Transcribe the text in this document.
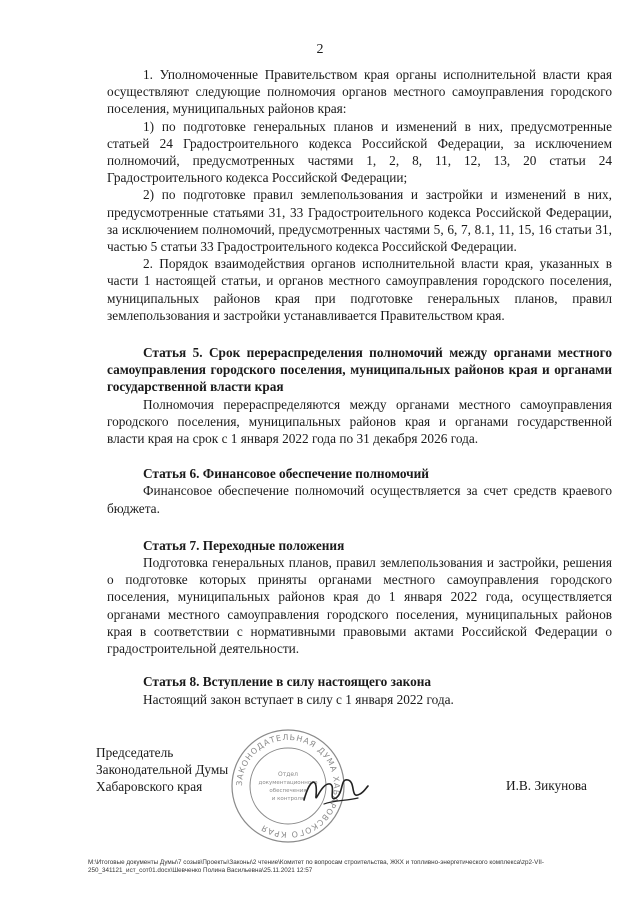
2

1. Уполномоченные Правительством края органы исполнительной власти края осуществляют следующие полномочия органов местного самоуправления городского поселения, муниципальных районов края:

1) по подготовке генеральных планов и изменений в них, предусмотренные статьей 24 Градостроительного кодекса Российской Федерации, за исключением полномочий, предусмотренных частями 1, 2, 8, 11, 12, 13, 20 статьи 24 Градостроительного кодекса Российской Федерации;

2) по подготовке правил землепользования и застройки и изменений в них, предусмотренные статьями 31, 33 Градостроительного кодекса Российской Федерации, за исключением полномочий, предусмотренных частями 5, 6, 7, 8.1, 11, 15, 16 статьи 31, частью 5 статьи 33 Градостроительного кодекса Российской Федерации.

2. Порядок взаимодействия органов исполнительной власти края, указанных в части 1 настоящей статьи, и органов местного самоуправления городского поселения, муниципальных районов края при подготовке генеральных планов, правил землепользования и застройки устанавливается Правительством края.

Статья 5. Срок перераспределения полномочий между органами местного самоуправления городского поселения, муниципальных районов края и органами государственной власти края

Полномочия перераспределяются между органами местного самоуправления городского поселения, муниципальных районов края и органами государственной власти края на срок с 1 января 2022 года по 31 декабря 2026 года.

Статья 6. Финансовое обеспечение полномочий

Финансовое обеспечение полномочий осуществляется за счет средств краевого бюджета.

Статья 7. Переходные положения

Подготовка генеральных планов, правил землепользования и застройки, решения о подготовке которых приняты органами местного самоуправления городского поселения, муниципальных районов края до 1 января 2022 года, осуществляется органами местного самоуправления городского поселения, муниципальных районов края в соответствии с нормативными правовыми актами Российской Федерации о градостроительной деятельности.

Статья 8. Вступление в силу настоящего закона

Настоящий закон вступает в силу с 1 января 2022 года.

ЗАКОНОДАТЕЛЬНАЯ ДУМА ХАБАРОВСКОГО КРАЯ
Отдел
документационного
обеспечения
и контроля
Председатель
Законодательной Думы
Хабаровского края	И.В. Зикунова
M:\Итоговые документы Думы\7 созыв\Проекты\Законы\2 чтение\Комитет по вопросам строительства, ЖКХ и топливно-энергетического комплекса\zp2-VII-250_341121_ист_сот01.docx\Шевченко Полина Васильевна\25.11.2021 12:57
